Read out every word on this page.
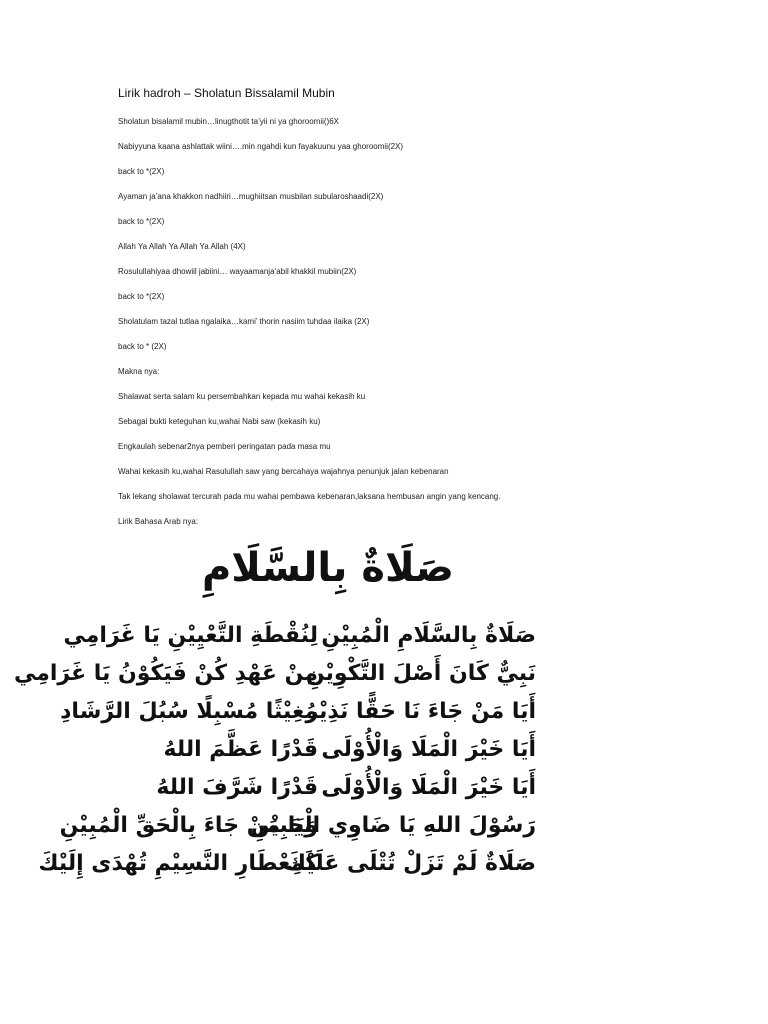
Lirik hadroh – Sholatun Bissalamil Mubin
Sholatun bisalamil mubin…linugthotit ta’yii ni ya ghoroomii()6X
Nabiyyuna kaana ashlattak wiini….min ngahdi kun fayakuunu yaa ghoroomii(2X)
back to *(2X)
Ayaman ja’ana khakkon nadhiiri…mughiitsan musbilan subularoshaadi(2X)
back to *(2X)
Allah Ya Allah Ya Allah Ya Allah (4X)
Rosulullahiyaa dhowiil jabiini… wayaamanja’abil khakkil mubiin(2X)
back to *(2X)
Sholatulam tazal tutlaa ngalaika…kami’ thorin nasiim tuhdaa ilaika (2X)
back to * (2X)
Makna nya:
Shalawat serta salam ku persembahkan kepada mu wahai kekasih ku
Sebagai bukti keteguhan ku,wahai Nabi saw (kekasih ku)
Engkaulah sebenar2nya pemberi peringatan pada masa mu
Wahai kekasih ku,wahai Rasulullah saw yang bercahaya wajahnya penunjuk jalan kebenaran
Tak lekang sholawat tercurah pada mu wahai pembawa kebenaran,laksana hembusan angin yang kencang.
Lirik Bahasa Arab nya:
صَلَاةٌ بِالسَّلَامِ
صَلَاةٌ بِالسَّلَامِ الْمُبِيْنِ
نَبِيٌّ كَانَ أَصْلَ التَّكْوِيْنِ
أَيَا مَنْ جَاءَ نَا حَقًّا نَذِيْر
أَيَا خَيْرَ الْمَلَا وَالْأُوْلَى
أَيَا خَيْرَ الْمَلَا وَالْأُوْلَى
رَسُوْلَ اللهِ يَا ضَاوِي الْجَبِيْنِ
صَلَاةٌ لَمْ تَزَلْ تُتْلَى عَلَيْكَ
لِنُقْطَةِ التَّعْيِيْنِ يَا غَرَامِي
مِنْ عَهْدِ كُنْ فَيَكُوْنُ يَا غَرَامِي
مُغِيْثًا مُسْبِلًا سُبُلَ الرَّشَادِ
قَدْرًا عَظَّمَ اللهُ
قَدْرًا شَرَّفَ اللهُ
وَيَا مَنْ جَاءَ بِالْحَقِّ الْمُبِيْنِ
كَمِعْطَارِ النَّسِيْمِ تُهْدَى إِلَيْكَ
